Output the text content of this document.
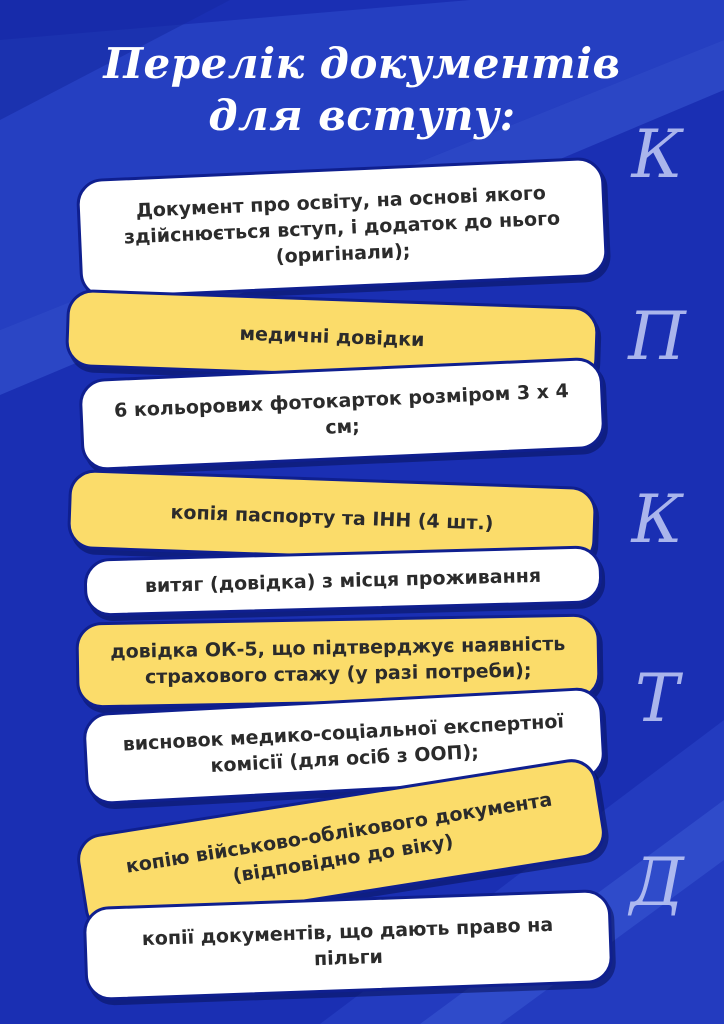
Перелік документів
для вступу:
К
П
К
Т
Д
Документ про освіту, на основі якого здійснюється вступ, і додаток до нього (оригінали);
медичні довідки
6 кольорових фотокарток розміром 3 х 4 см;
копія паспорту та ІНН (4 шт.)
витяг (довідка) з місця проживання
довідка ОК-5, що підтверджує наявність страхового стажу (у разі потреби);
висновок медико-соціальної експертної комісії (для осіб з ООП);
копію військово-облікового документа (відповідно до віку)
копії документів, що дають право на пільги
